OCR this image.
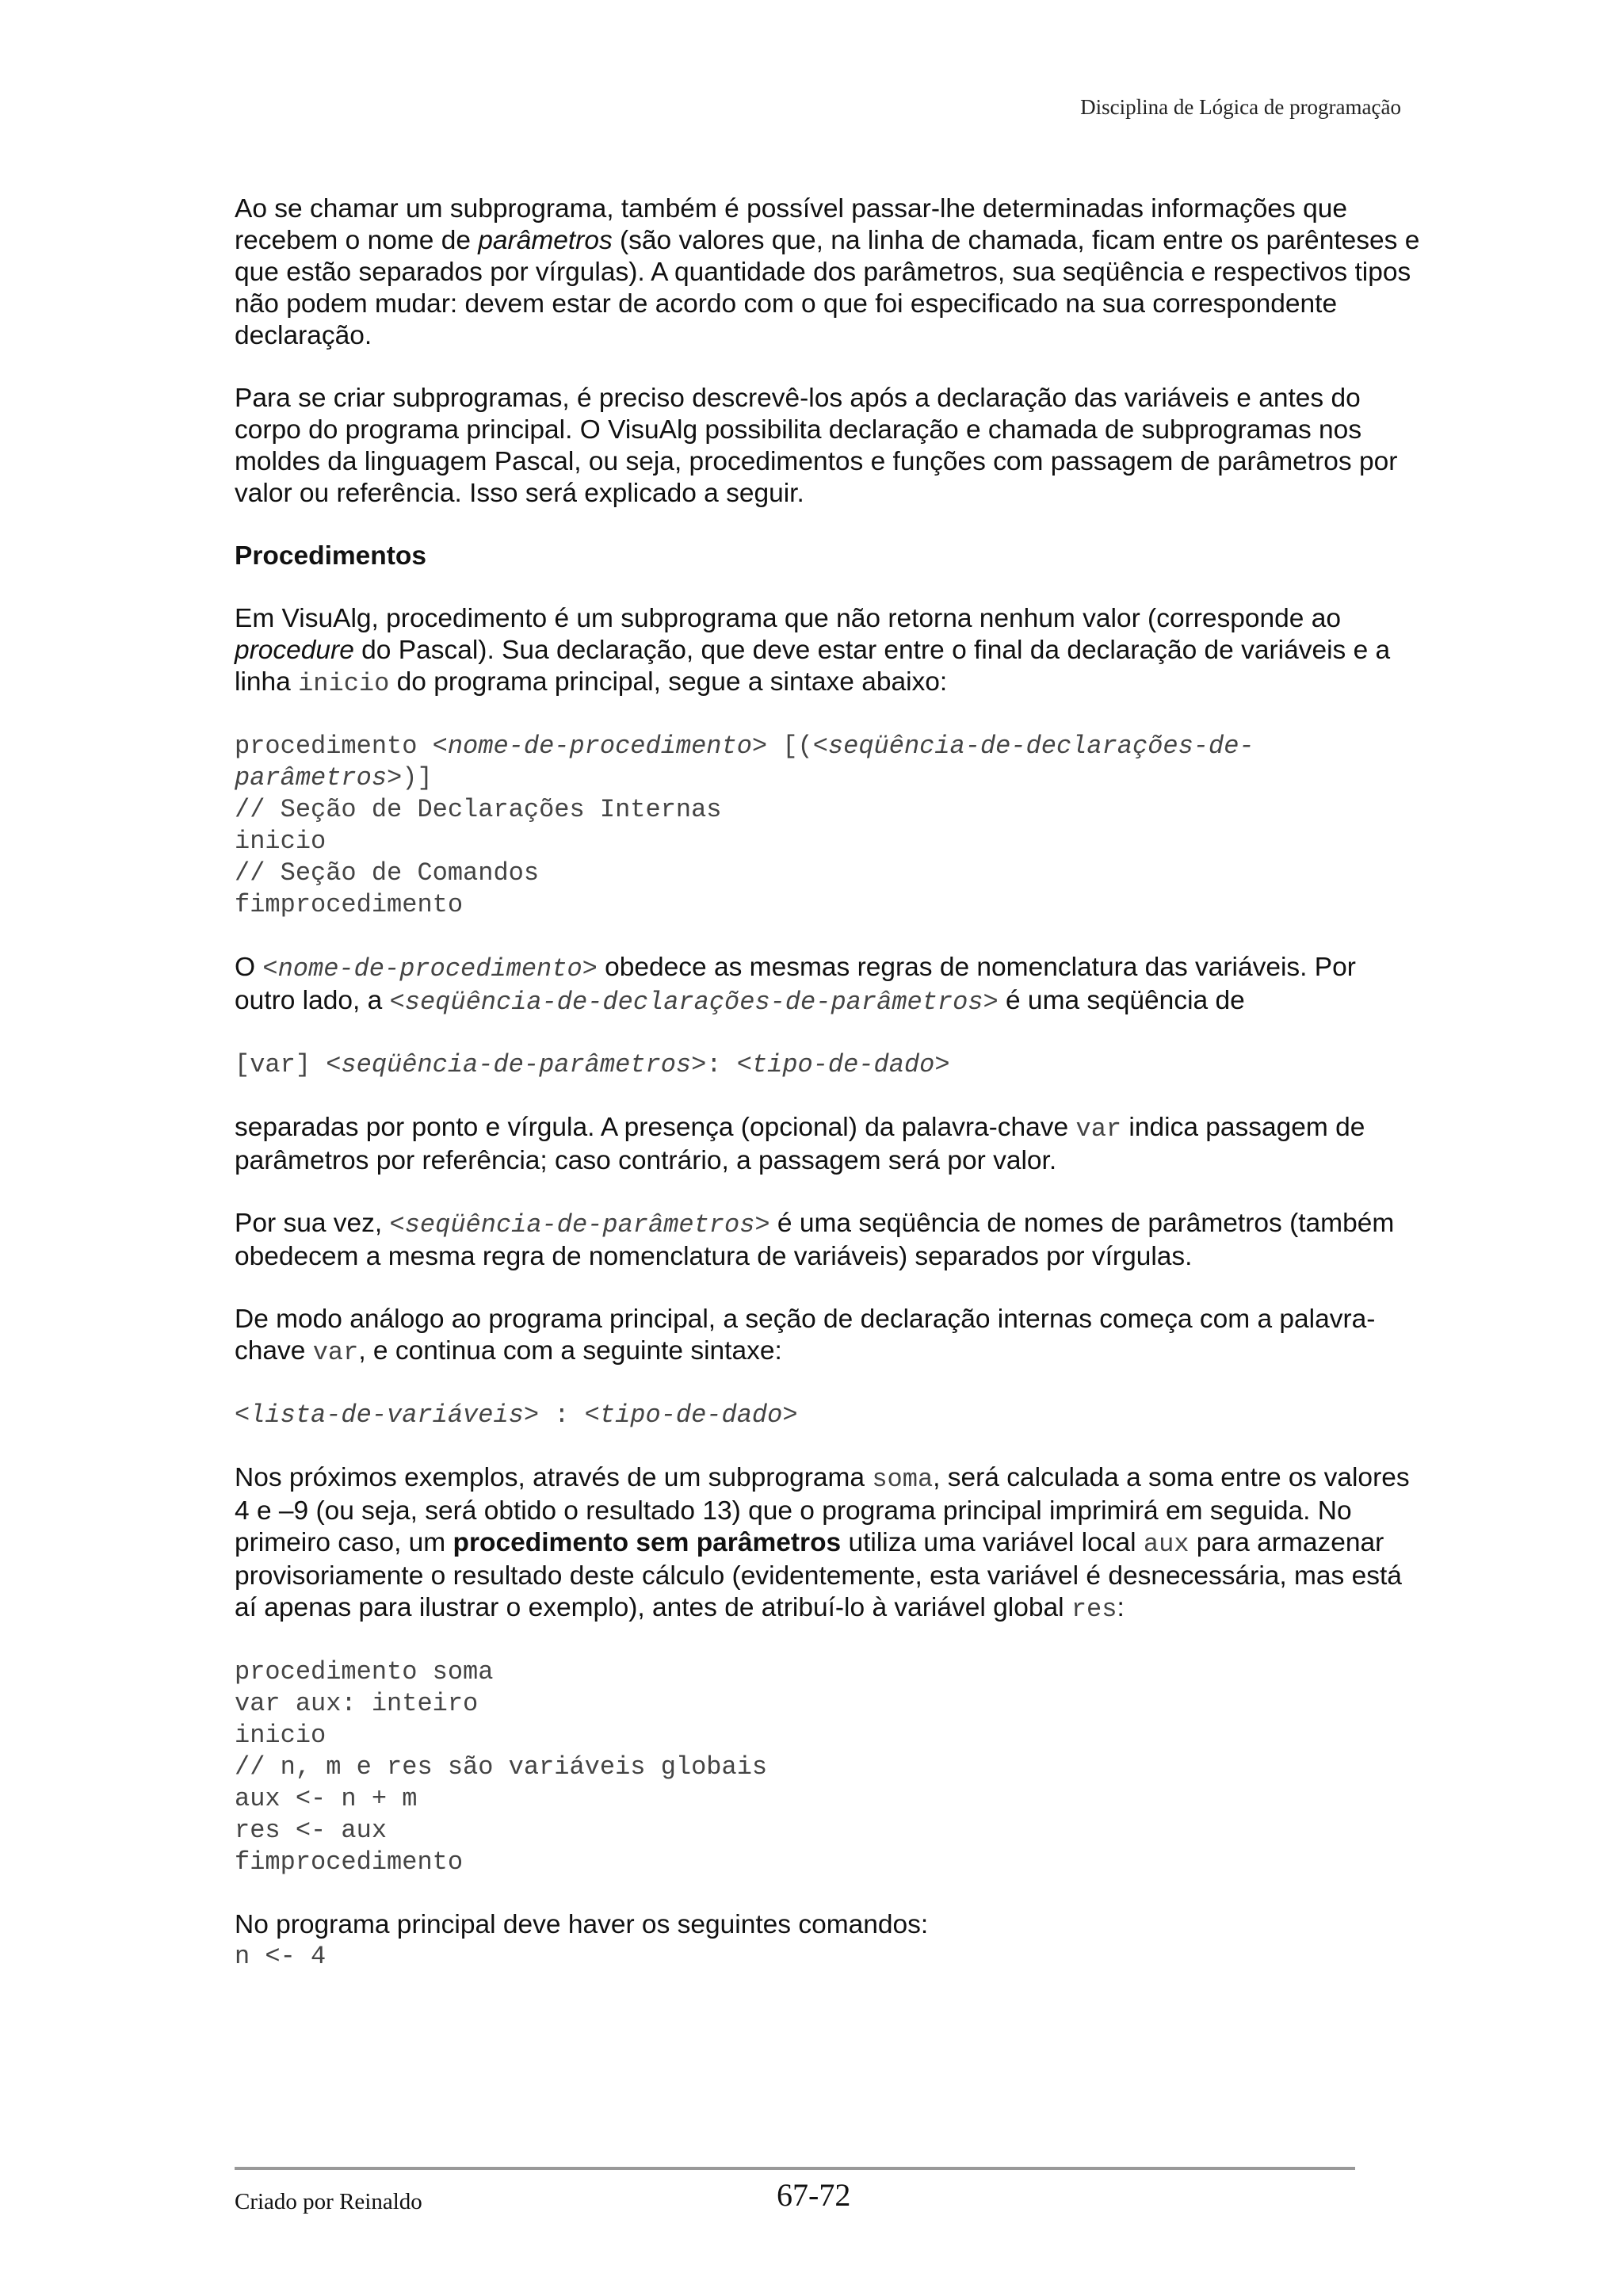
Disciplina de Lógica de programação

Ao se chamar um subprograma, também é possível passar-lhe determinadas informações que recebem o nome de parâmetros (são valores que, na linha de chamada, ficam entre os parênteses e que estão separados por vírgulas). A quantidade dos parâmetros, sua seqüência e respectivos tipos não podem mudar: devem estar de acordo com o que foi especificado na sua correspondente declaração.

Para se criar subprogramas, é preciso descrevê-los após a declaração das variáveis e antes do corpo do programa principal. O VisuAlg possibilita declaração e chamada de subprogramas nos moldes da linguagem Pascal, ou seja, procedimentos e funções com passagem de parâmetros por valor ou referência. Isso será explicado a seguir.

Procedimentos

Em VisuAlg, procedimento é um subprograma que não retorna nenhum valor (corresponde ao procedure do Pascal). Sua declaração, que deve estar entre o final da declaração de variáveis e a linha inicio do programa principal, segue a sintaxe abaixo:

procedimento <nome-de-procedimento> [(<seqüência-de-declarações-de-
parâmetros>)]
// Seção de Declarações Internas
inicio
// Seção de Comandos
fimprocedimento

O <nome-de-procedimento> obedece as mesmas regras de nomenclatura das variáveis. Por outro lado, a <seqüência-de-declarações-de-parâmetros> é uma seqüência de

[var] <seqüência-de-parâmetros>: <tipo-de-dado>

separadas por ponto e vírgula. A presença (opcional) da palavra-chave var indica passagem de parâmetros por referência; caso contrário, a passagem será por valor.

Por sua vez, <seqüência-de-parâmetros> é uma seqüência de nomes de parâmetros (também obedecem a mesma regra de nomenclatura de variáveis) separados por vírgulas.

De modo análogo ao programa principal, a seção de declaração internas começa com a palavra-chave var, e continua com a seguinte sintaxe:

<lista-de-variáveis> : <tipo-de-dado>

Nos próximos exemplos, através de um subprograma soma, será calculada a soma entre os valores 4 e –9 (ou seja, será obtido o resultado 13) que o programa principal imprimirá em seguida. No primeiro caso, um procedimento sem parâmetros utiliza uma variável local aux para armazenar provisoriamente o resultado deste cálculo (evidentemente, esta variável é desnecessária, mas está aí apenas para ilustrar o exemplo), antes de atribuí-lo à variável global res:

procedimento soma
var aux: inteiro
inicio
// n, m e res são variáveis globais
aux <- n + m
res <- aux
fimprocedimento

No programa principal deve haver os seguintes comandos:

n <- 4
Criado por Reinaldo	67-72
